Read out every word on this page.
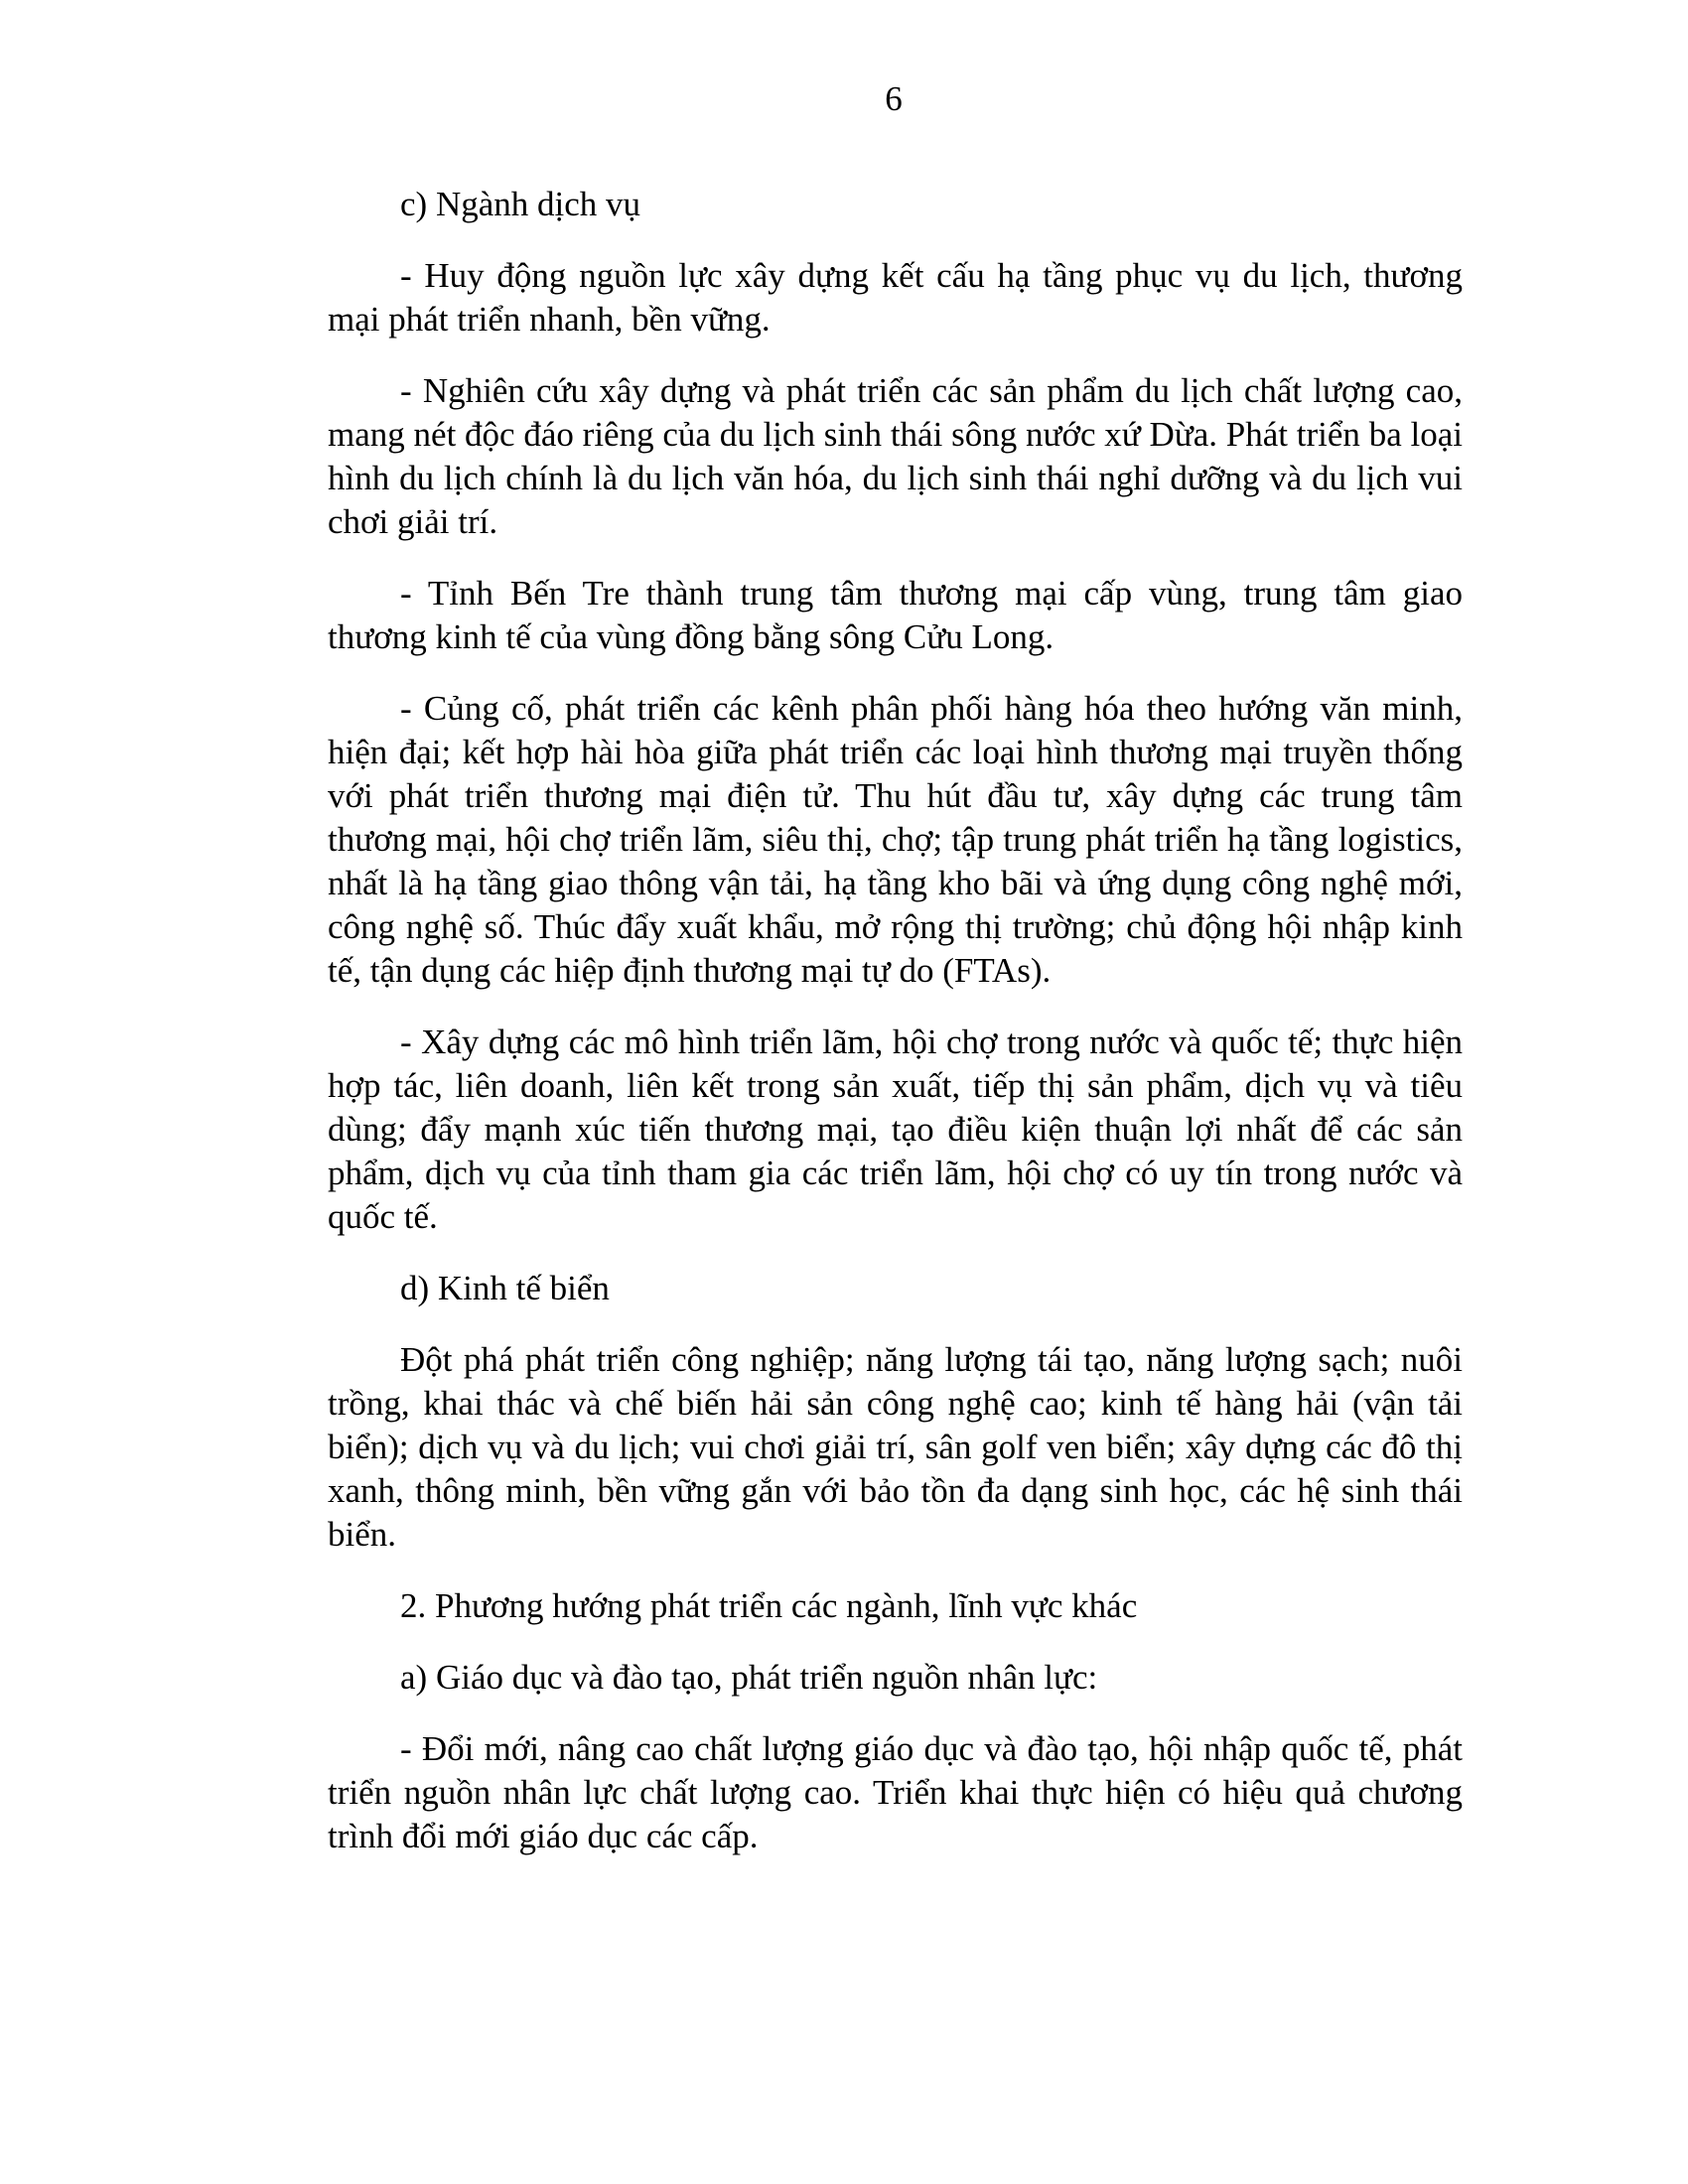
6

c) Ngành dịch vụ

- Huy động nguồn lực xây dựng kết cấu hạ tầng phục vụ du lịch, thương mại phát triển nhanh, bền vững.

- Nghiên cứu xây dựng và phát triển các sản phẩm du lịch chất lượng cao, mang nét độc đáo riêng của du lịch sinh thái sông nước xứ Dừa. Phát triển ba loại hình du lịch chính là du lịch văn hóa, du lịch sinh thái nghỉ dưỡng và du lịch vui chơi giải trí.

- Tỉnh Bến Tre thành trung tâm thương mại cấp vùng, trung tâm giao thương kinh tế của vùng đồng bằng sông Cửu Long.

- Củng cố, phát triển các kênh phân phối hàng hóa theo hướng văn minh, hiện đại; kết hợp hài hòa giữa phát triển các loại hình thương mại truyền thống với phát triển thương mại điện tử. Thu hút đầu tư, xây dựng các trung tâm thương mại, hội chợ triển lãm, siêu thị, chợ; tập trung phát triển hạ tầng logistics, nhất là hạ tầng giao thông vận tải, hạ tầng kho bãi và ứng dụng công nghệ mới, công nghệ số. Thúc đẩy xuất khẩu, mở rộng thị trường; chủ động hội nhập kinh tế, tận dụng các hiệp định thương mại tự do (FTAs).

- Xây dựng các mô hình triển lãm, hội chợ trong nước và quốc tế; thực hiện hợp tác, liên doanh, liên kết trong sản xuất, tiếp thị sản phẩm, dịch vụ và tiêu dùng; đẩy mạnh xúc tiến thương mại, tạo điều kiện thuận lợi nhất để các sản phẩm, dịch vụ của tỉnh tham gia các triển lãm, hội chợ có uy tín trong nước và quốc tế.

d) Kinh tế biển

Đột phá phát triển công nghiệp; năng lượng tái tạo, năng lượng sạch; nuôi trồng, khai thác và chế biến hải sản công nghệ cao; kinh tế hàng hải (vận tải biển); dịch vụ và du lịch; vui chơi giải trí, sân golf ven biển; xây dựng các đô thị xanh, thông minh, bền vững gắn với bảo tồn đa dạng sinh học, các hệ sinh thái biển.

2. Phương hướng phát triển các ngành, lĩnh vực khác

a) Giáo dục và đào tạo, phát triển nguồn nhân lực:

- Đổi mới, nâng cao chất lượng giáo dục và đào tạo, hội nhập quốc tế, phát triển nguồn nhân lực chất lượng cao. Triển khai thực hiện có hiệu quả chương trình đổi mới giáo dục các cấp.
